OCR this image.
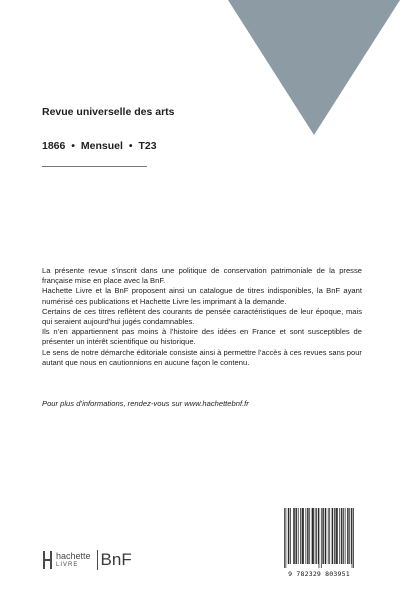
Revue universelle des arts
1866 • Mensuel • T23

La présente revue s’inscrit dans une politique de conservation patrimoniale de la presse française mise en place avec la BnF.

Hachette Livre et la BnF proposent ainsi un catalogue de titres indisponibles, la BnF ayant numérisé ces publications et Hachette Livre les imprimant à la demande.

Certains de ces titres reflètent des courants de pensée caractéristiques de leur époque, mais qui seraient aujourd’hui jugés condamnables.

Ils n’en appartiennent pas moins à l’histoire des idées en France et sont susceptibles de présenter un intérêt scientifique ou historique.

Le sens de notre démarche éditoriale consiste ainsi à permettre l’accès à ces revues sans pour autant que nous en cautionnions en aucune façon le contenu.

Pour plus d’informations, rendez-vous sur www.hachettebnf.fr
hachette
LIVRE	BnF
9 782329 803951
